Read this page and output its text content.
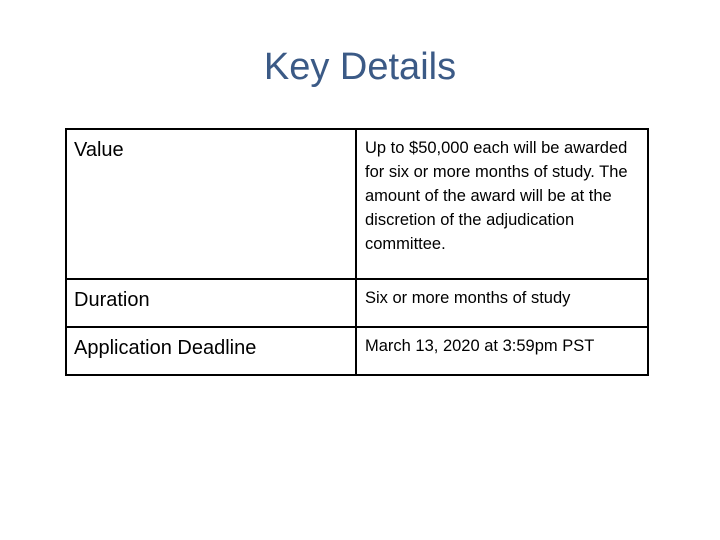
Key Details
Value	Up to $50,000 each will be awarded for six or more months of study. The amount of the award will be at the discretion of the adjudication committee.

Duration	Six or more months of study

Application Deadline	March 13, 2020 at 3:59pm PST
